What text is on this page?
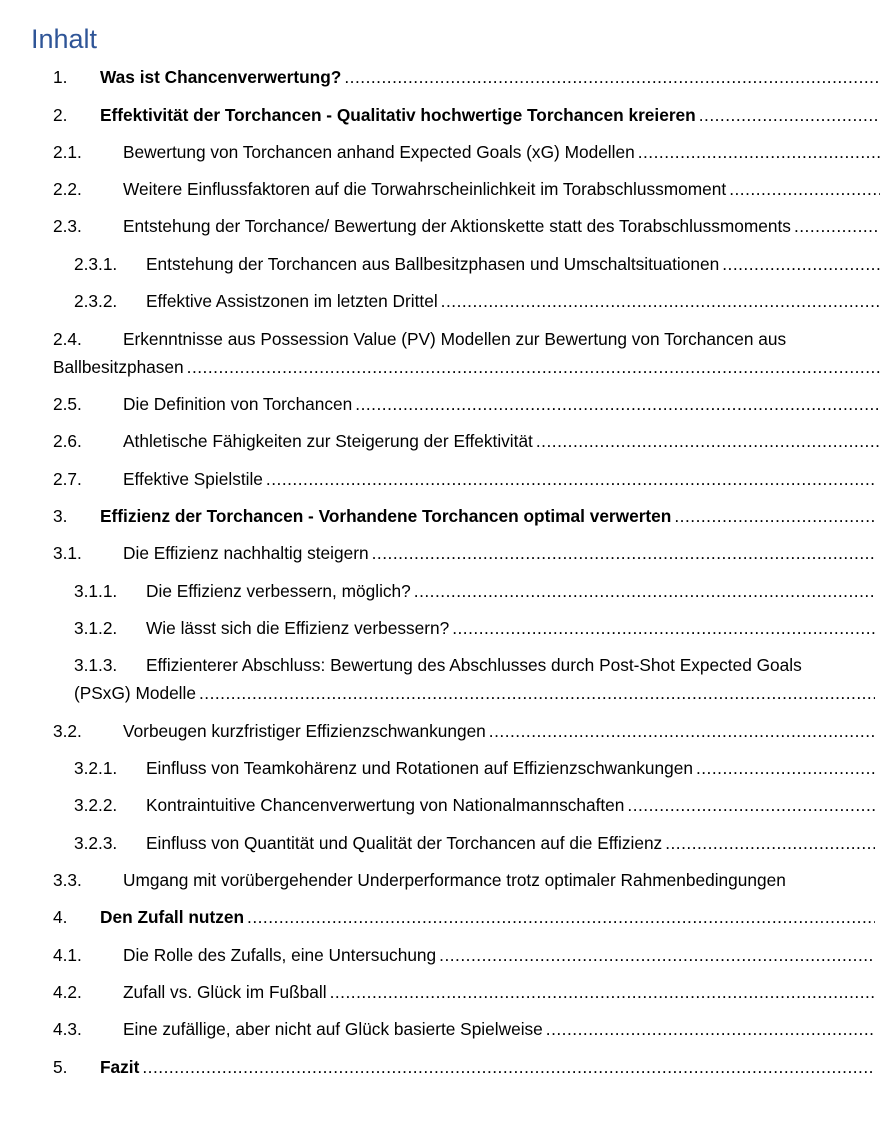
Inhalt
1. Was ist Chancenverwertung?
.....
2. Effektivität der Torchancen - Qualitativ hochwertige Torchancen kreieren
.....
2.1. Bewertung von Torchancen anhand Expected Goals (xG) Modellen
.....
2.2. Weitere Einflussfaktoren auf die Torwahrscheinlichkeit im Torabschlussmoment
.....
2.3. Entstehung der Torchance/ Bewertung der Aktionskette statt des Torabschlussmoments
.....
2.3.1. Entstehung der Torchancen aus Ballbesitzphasen und Umschaltsituationen
.....
2.3.2. Effektive Assistzonen im letzten Drittel
.....
2.4. Erkenntnisse aus Possession Value (PV) Modellen zur Bewertung von Torchancen aus
Ballbesitzphasen
.....
2.5. Die Definition von Torchancen
.....
2.6. Athletische Fähigkeiten zur Steigerung der Effektivität
.....
2.7. Effektive Spielstile
.....
3. Effizienz der Torchancen - Vorhandene Torchancen optimal verwerten
.....
3.1. Die Effizienz nachhaltig steigern
.....
3.1.1. Die Effizienz verbessern, möglich?
.....
3.1.2. Wie lässt sich die Effizienz verbessern?
.....
3.1.3. Effizienterer Abschluss: Bewertung des Abschlusses durch Post-Shot Expected Goals
(PSxG) Modelle
.....
3.2. Vorbeugen kurzfristiger Effizienzschwankungen
.....
3.2.1. Einfluss von Teamkohärenz und Rotationen auf Effizienzschwankungen
.....
3.2.2. Kontraintuitive Chancenverwertung von Nationalmannschaften
.....
3.2.3. Einfluss von Quantität und Qualität der Torchancen auf die Effizienz
.....
3.3. Umgang mit vorübergehender Underperformance trotz optimaler Rahmenbedingungen
4. Den Zufall nutzen
.....
4.1. Die Rolle des Zufalls, eine Untersuchung
.....
4.2. Zufall vs. Glück im Fußball
.....
4.3. Eine zufällige, aber nicht auf Glück basierte Spielweise
.....
5. Fazit
.....
